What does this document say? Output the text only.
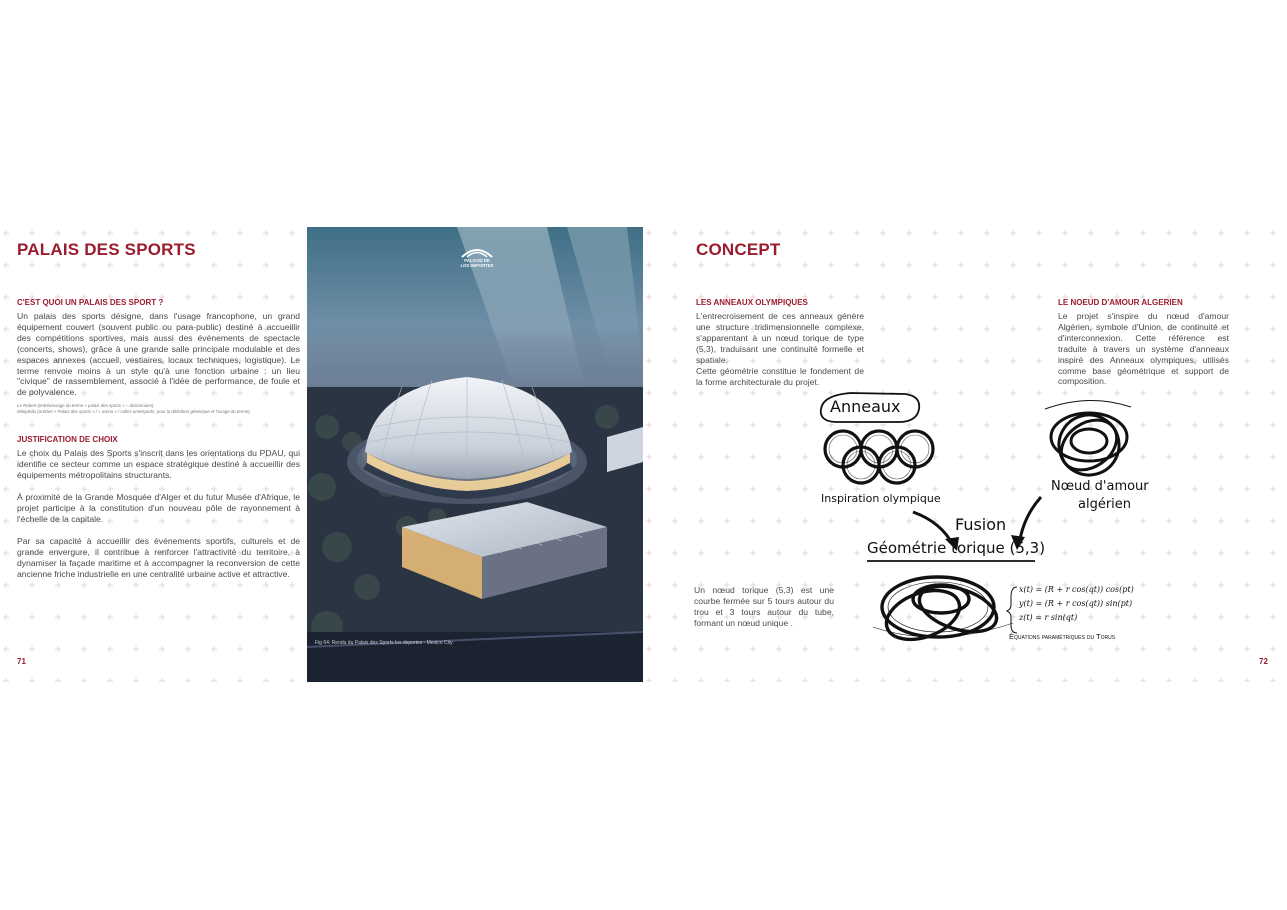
PALAIS DES SPORTS
C'EST QUOI UN PALAIS DES SPORT ?

Un palais des sports désigne, dans l'usage francophone, un grand équipement couvert (souvent public ou para-public) destiné à accueillir des compétitions sportives, mais aussi des événements de spectacle (concerts, shows), grâce à une grande salle principale modulable et des espaces annexes (accueil, vestiaires, locaux techniques, logistique). Le terme renvoie moins à un style qu'à une fonction urbaine : un lieu "civique" de rassemblement, associé à l'idée de performance, de foule et de polyvalence.

Le Robert (entrée/usage du terme « palais des sports » – dictionnaire).

Wikipédia (articles « Palais des sports » / « arena » / salles omnisports, pour la définition générique et l'usage du terme).

JUSTIFICATION DE CHOIX

Le choix du Palais des Sports s'inscrit dans les orientations du PDAU, qui identifie ce secteur comme un espace stratégique destiné à accueillir des équipements métropolitains structurants.

À proximité de la Grande Mosquée d'Alger et du futur Musée d'Afrique, le projet participe à la constitution d'un nouveau pôle de rayonnement à l'échelle de la capitale.

Par sa capacité à accueillir des événements sportifs, culturels et de grande envergure, il contribue à renforcer l'attractivité du territoire, à dynamiser la façade maritime et à accompagner la reconversion de cette ancienne friche industrielle en une centralité urbaine active et attractive.

71
PALACIO DE
LOS DEPORTES
Fig 64: Rendu du Palais des Sports los deportes - Mexico City
CONCEPT
LES ANNEAUX OLYMPIQUES

L'entrecroisement de ces anneaux génère une structure tridimensionnelle complexe, s'apparentant à un nœud torique de type (5,3), traduisant une continuité formelle et spatiale.

Cette géométrie constitue le fondement de la forme architecturale du projet.

LE NOEUD D'AMOUR ALGERIEN

Le projet s'inspire du nœud d'amour Algérien, symbole d'Union, de continuité et d'interconnexion. Cette référence est traduite à travers un système d'anneaux inspiré des Anneaux olympiques, utilisés comme base géométrique et support de composition.

Un nœud torique (5,3) est une courbe fermée sur 5 tours autour du trou et 3 tours autour du tube, formant un nœud unique .

Anneaux
Inspiration olympique
Nœud d'amour
algérien
Fusion
Géométrie torique (5,3)
x(t) = (R + r cos(qt)) cos(pt)
y(t) = (R + r cos(qt)) sin(pt)
z(t) = r sin(qt)
Équations paramétriques du Torus
72
